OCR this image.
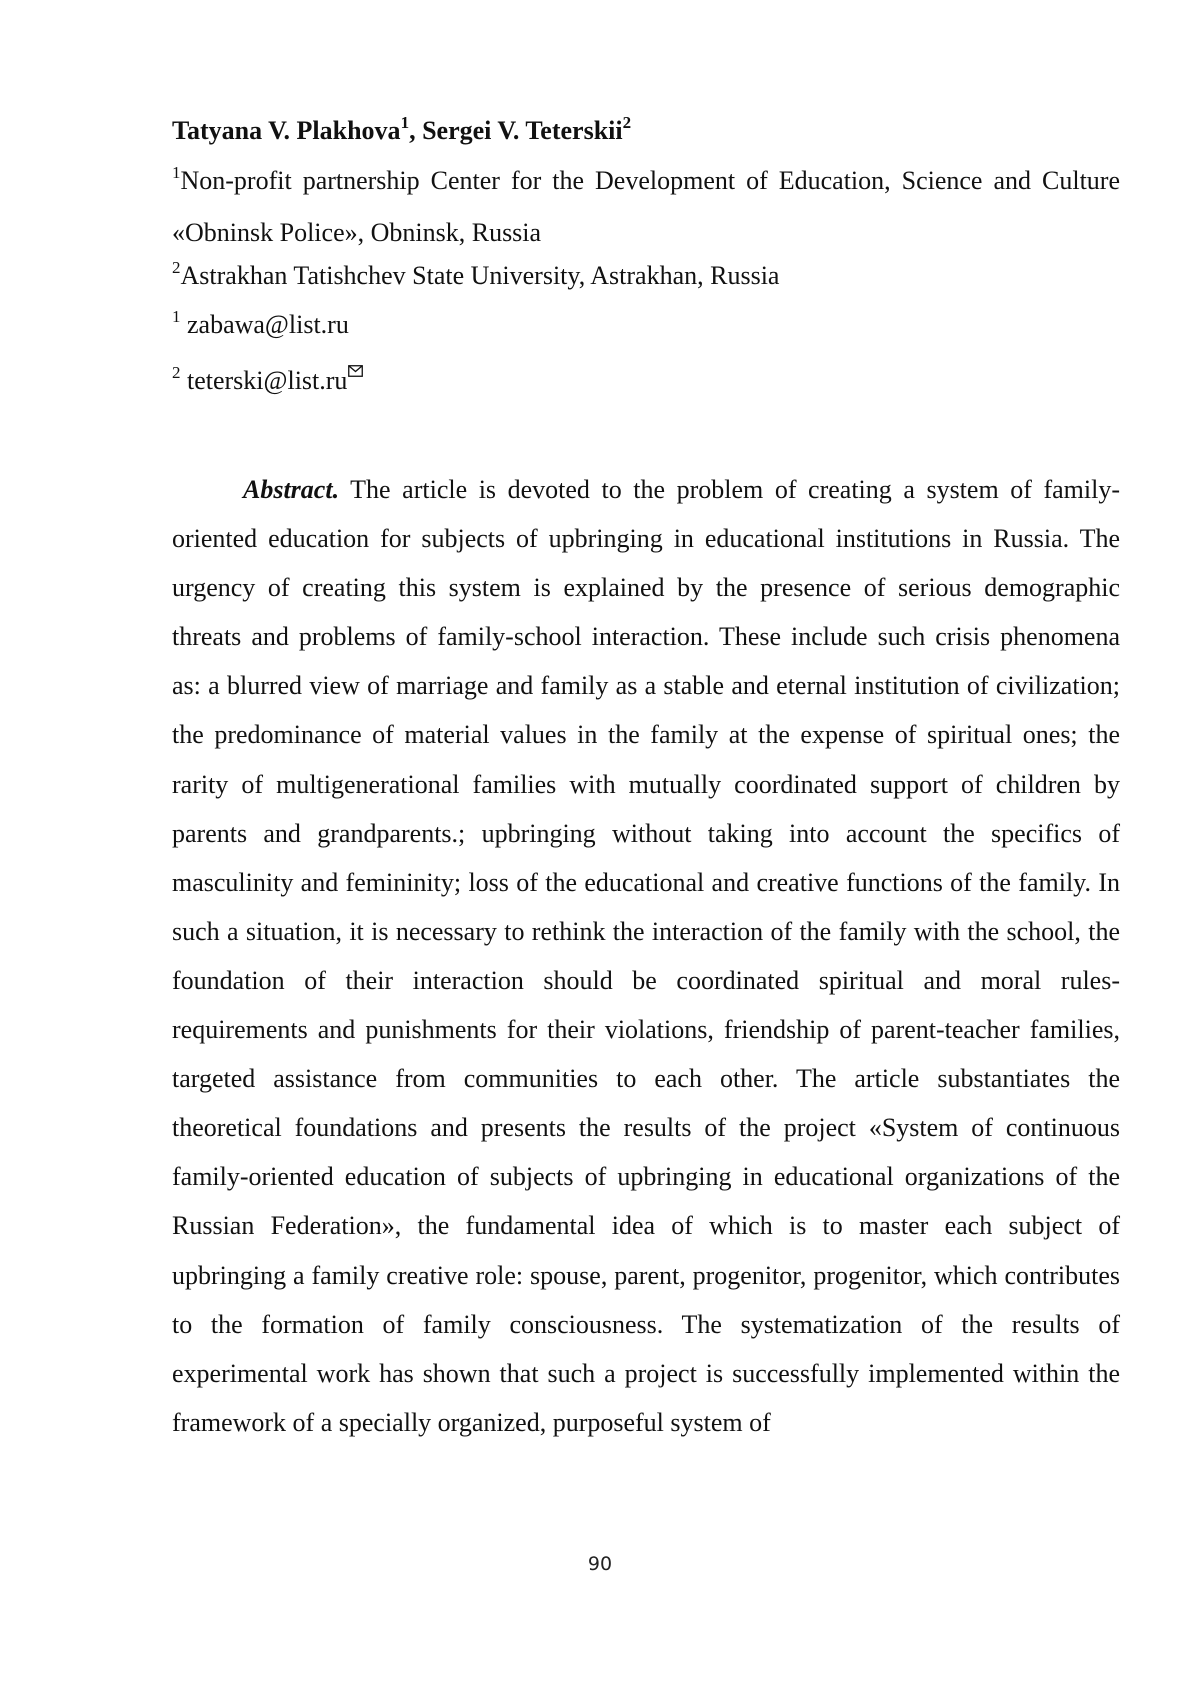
Tatyana V. Plakhova$^1$, Sergei V. Teterskii$^2$
$^1$Non-profit partnership Center for the Development of Education, Science and Culture «Obninsk Police», Obninsk, Russia
$^2$Astrakhan Tatishchev State University, Astrakhan, Russia
$^1$ zabawa@list.ru
$^2$ teterski@list.ru

Abstract. The article is devoted to the problem of creating a system of family-oriented education for subjects of upbringing in educational institutions in Russia. The urgency of creating this system is explained by the presence of serious demographic threats and problems of family-school interaction. These include such crisis phenomena as: a blurred view of marriage and family as a stable and eternal institution of civilization; the predominance of material values in the family at the expense of spiritual ones; the rarity of multigenerational families with mutually coordinated support of children by parents and grandparents.; upbringing without taking into account the specifics of masculinity and femininity; loss of the educational and creative functions of the family. In such a situation, it is necessary to rethink the interaction of the family with the school, the foundation of their interaction should be coordinated spiritual and moral rules-requirements and punishments for their violations, friendship of parent-teacher families, targeted assistance from communities to each other. The article substantiates the theoretical foundations and presents the results of the project «System of continuous family-oriented education of subjects of upbringing in educational organizations of the Russian Federation», the fundamental idea of which is to master each subject of upbringing a family creative role: spouse, parent, progenitor, progenitor, which contributes to the formation of family consciousness. The systematization of the results of experimental work has shown that such a project is successfully implemented within the framework of a specially organized, purposeful system of

90
